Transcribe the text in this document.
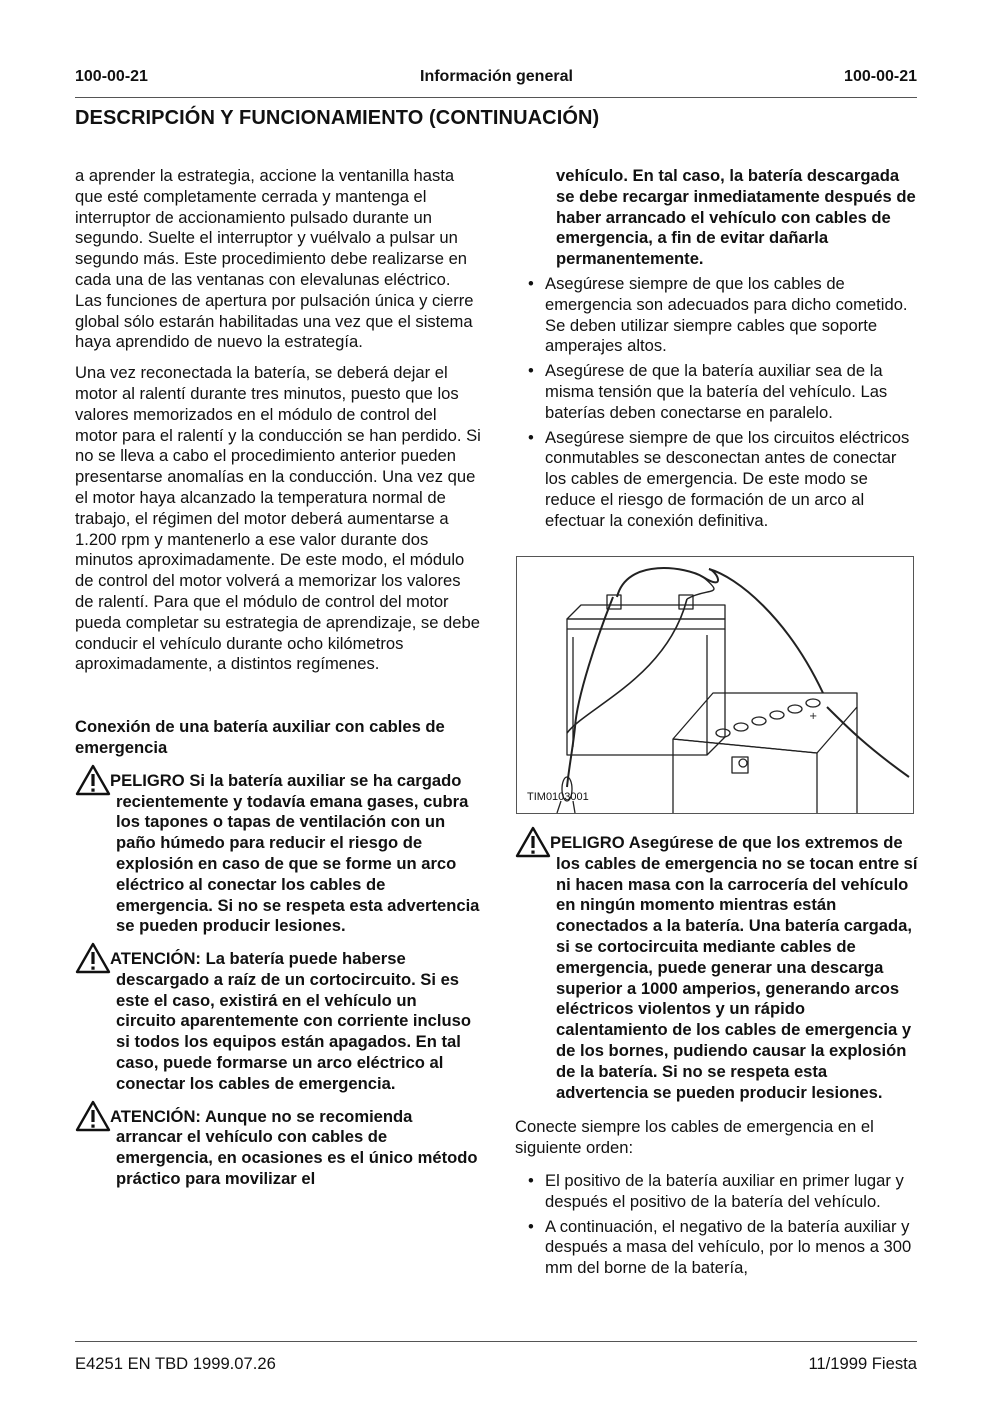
100-00-21	Información general	100-00-21
DESCRIPCIÓN Y FUNCIONAMIENTO (CONTINUACIÓN)

a aprender la estrategia, accione la ventanilla hasta que esté completamente cerrada y mantenga el interruptor de accionamiento pulsado durante un segundo. Suelte el interruptor y vuélvalo a pulsar un segundo más. Este procedimiento debe realizarse en cada una de las ventanas con elevalunas eléctrico. Las funciones de apertura por pulsación única y cierre global sólo estarán habilitadas una vez que el sistema haya aprendido de nuevo la estrategía.

Una vez reconectada la batería, se deberá dejar el motor al ralentí durante tres minutos, puesto que los valores memorizados en el módulo de control del motor para el ralentí y la conducción se han perdido. Si no se lleva a cabo el procedimiento anterior pueden presentarse anomalías en la conducción. Una vez que el motor haya alcanzado la temperatura normal de trabajo, el régimen del motor deberá aumentarse a 1.200 rpm y mantenerlo a ese valor durante dos minutos aproximadamente. De este modo, el módulo de control del motor volverá a memorizar los valores de ralentí. Para que el módulo de control del motor pueda completar su estrategia de aprendizaje, se debe conducir el vehículo durante ocho kilómetros aproximadamente, a distintos regímenes.

Conexión de una batería auxiliar con cables de emergencia

PELIGRO Si la batería auxiliar se ha cargado recientemente y todavía emana gases, cubra los tapones o tapas de ventilación con un paño húmedo para reducir el riesgo de explosión en caso de que se forme un arco eléctrico al conectar los cables de emergencia. Si no se respeta esta advertencia se pueden producir lesiones.
ATENCIÓN: La batería puede haberse descargado a raíz de un cortocircuito. Si es este el caso, existirá en el vehículo un circuito aparentemente con corriente incluso si todos los equipos están apagados. En tal caso, puede formarse un arco eléctrico al conectar los cables de emergencia.
ATENCIÓN: Aunque no se recomienda arrancar el vehículo con cables de emergencia, en ocasiones es el único método práctico para movilizar el

vehículo. En tal caso, la batería descargada se debe recargar inmediatamente después de haber arrancado el vehículo con cables de emergencia, a fin de evitar dañarla permanentemente.

• Asegúrese siempre de que los cables de emergencia son adecuados para dicho cometido. Se deben utilizar siempre cables que soporte amperajes altos.
• Asegúrese de que la batería auxiliar sea de la misma tensión que la batería del vehículo. Las baterías deben conectarse en paralelo.
• Asegúrese siempre de que los circuitos eléctricos conmutables se desconectan antes de conectar los cables de emergencia. De este modo se reduce el riesgo de formación de un arco al efectuar la conexión definitiva.
+
TIM0103001
PELIGRO Asegúrese de que los extremos de los cables de emergencia no se tocan entre sí ni hacen masa con la carrocería del vehículo en ningún momento mientras están conectados a la batería. Una batería cargada, si se cortocircuita mediante cables de emergencia, puede generar una descarga superior a 1000 amperios, generando arcos eléctricos violentos y un rápido calentamiento de los cables de emergencia y de los bornes, pudiendo causar la explosión de la batería. Si no se respeta esta advertencia se pueden producir lesiones.

Conecte siempre los cables de emergencia en el siguiente orden:

• El positivo de la batería auxiliar en primer lugar y después el positivo de la batería del vehículo.
• A continuación, el negativo de la batería auxiliar y después a masa del vehículo, por lo menos a 300 mm del borne de la batería,
E4251 EN TBD 1999.07.26	11/1999 Fiesta
